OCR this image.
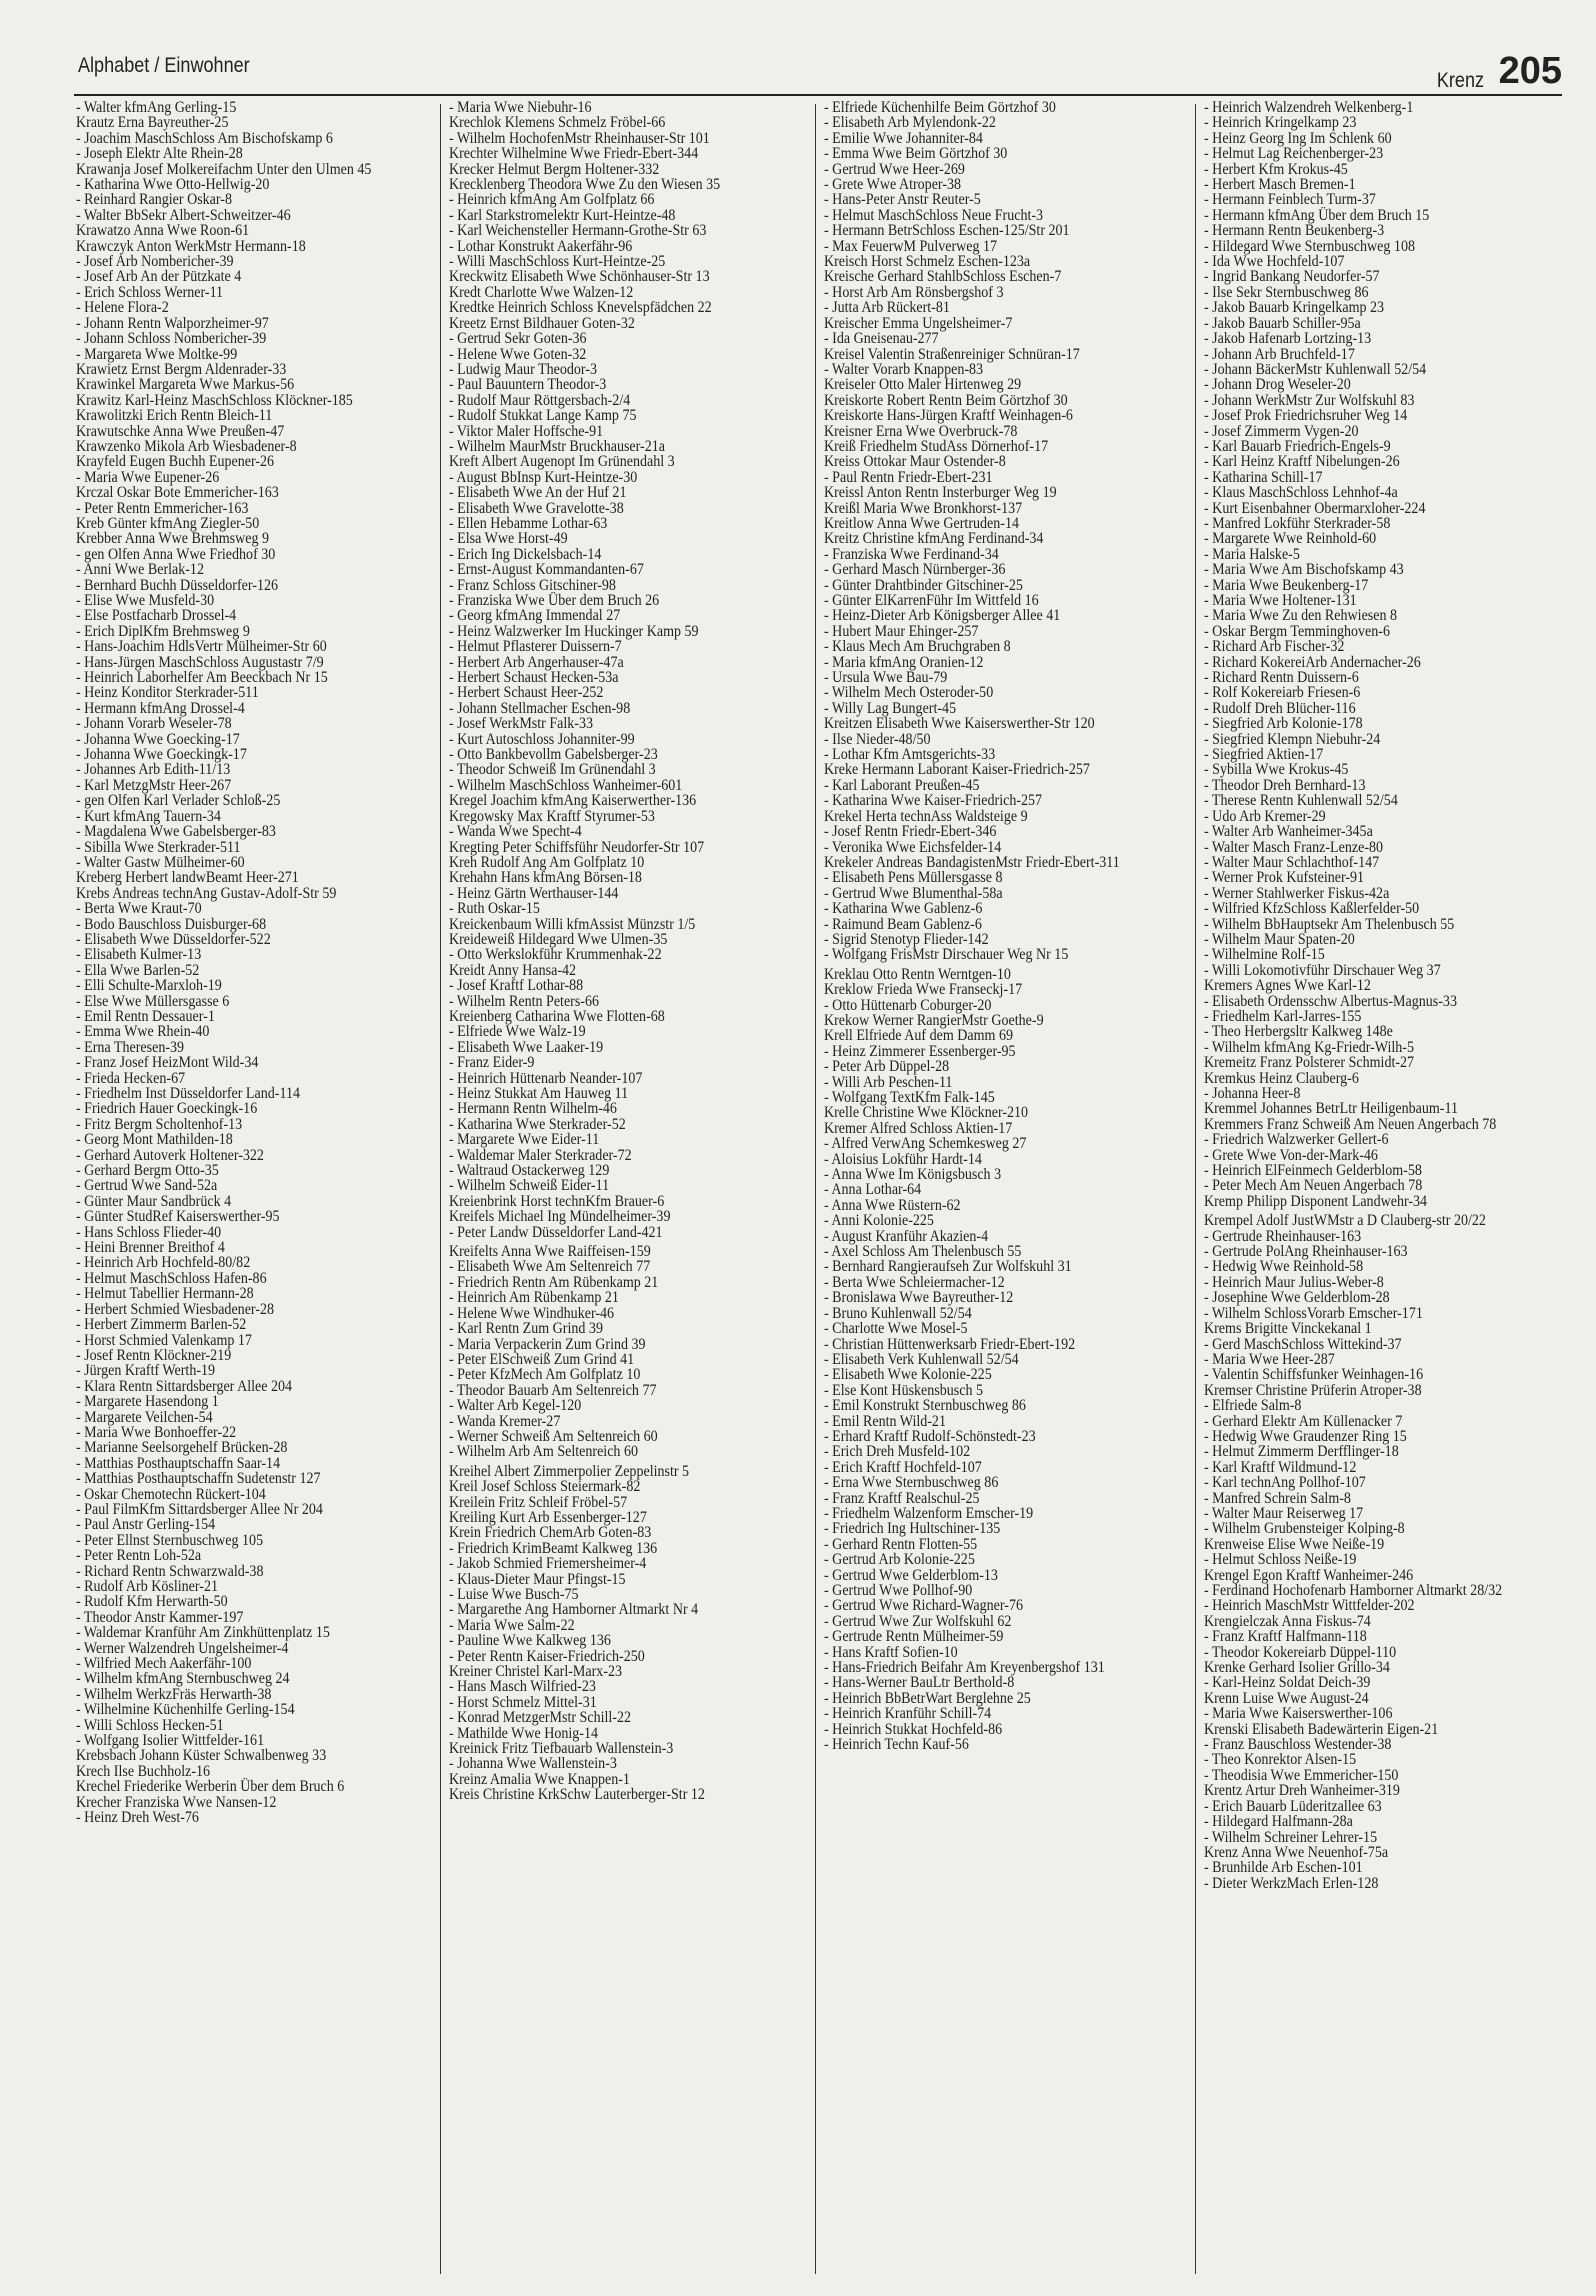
Alphabet / Einwohner
Krenz 205
- Walter kfmAng Gerling-15
Krautz Erna Bayreuther-25
- Joachim MaschSchloss Am Bischofskamp 6
- Joseph Elektr Alte Rhein-28
Krawanja Josef Molkereifachm Unter den Ulmen 45
- Katharina Wwe Otto-Hellwig-20
- Reinhard Rangier Oskar-8
- Walter BbSekr Albert-Schweitzer-46
Krawatzo Anna Wwe Roon-61
Krawczyk Anton WerkMstr Hermann-18
- Josef Arb Nombericher-39
- Josef Arb An der Pützkate 4
- Erich Schloss Werner-11
- Helene Flora-2
- Johann Rentn Walporzheimer-97
- Johann Schloss Nombericher-39
- Margareta Wwe Moltke-99
Krawietz Ernst Bergm Aldenrader-33
Krawinkel Margareta Wwe Markus-56
Krawitz Karl-Heinz MaschSchloss Klöckner-185
Krawolitzki Erich Rentn Bleich-11
Krawutschke Anna Wwe Preußen-47
Krawzenko Mikola Arb Wiesbadener-8
Krayfeld Eugen Buchh Eupener-26
- Maria Wwe Eupener-26
Krczal Oskar Bote Emmericher-163
- Peter Rentn Emmericher-163
Kreb Günter kfmAng Ziegler-50
Krebber Anna Wwe Brehmsweg 9
- gen Olfen Anna Wwe Friedhof 30
- Anni Wwe Berlak-12
- Bernhard Buchh Düsseldorfer-126
- Elise Wwe Musfeld-30
- Else Postfacharb Drossel-4
- Erich DiplKfm Brehmsweg 9
- Hans-Joachim HdlsVertr Mülheimer-Str 60
- Hans-Jürgen MaschSchloss Augustastr 7/9
- Heinrich Laborhelfer Am Beeckbach Nr 15
- Heinz Konditor Sterkrader-511
- Hermann kfmAng Drossel-4
- Johann Vorarb Weseler-78
- Johanna Wwe Goecking-17
- Johanna Wwe Goeckingk-17
- Johannes Arb Edith-11/13
- Karl MetzgMstr Heer-267
- gen Olfen Karl Verlader Schloß-25
- Kurt kfmAng Tauern-34
- Magdalena Wwe Gabelsberger-83
- Sibilla Wwe Sterkrader-511
- Walter Gastw Mülheimer-60
Kreberg Herbert landwBeamt Heer-271
Krebs Andreas technAng Gustav-Adolf-Str 59
- Berta Wwe Kraut-70
- Bodo Bauschloss Duisburger-68
- Elisabeth Wwe Düsseldorfer-522
- Elisabeth Kulmer-13
- Ella Wwe Barlen-52
- Elli Schulte-Marxloh-19
- Else Wwe Müllersgasse 6
- Emil Rentn Dessauer-1
- Emma Wwe Rhein-40
- Erna Theresen-39
- Franz Josef HeizMont Wild-34
- Frieda Hecken-67
- Friedhelm Inst Düsseldorfer Land-114
- Friedrich Hauer Goeckingk-16
- Fritz Bergm Scholtenhof-13
- Georg Mont Mathilden-18
- Gerhard Autoverk Holtener-322
- Gerhard Bergm Otto-35
- Gertrud Wwe Sand-52a
- Günter Maur Sandbrück 4
- Günter StudRef Kaiserswerther-95
- Hans Schloss Flieder-40
- Heini Brenner Breithof 4
- Heinrich Arb Hochfeld-80/82
- Helmut MaschSchloss Hafen-86
- Helmut Tabellier Hermann-28
- Herbert Schmied Wiesbadener-28
- Herbert Zimmerm Barlen-52
- Horst Schmied Valenkamp 17
- Josef Rentn Klöckner-219
- Jürgen Kraftf Werth-19
- Klara Rentn Sittardsberger Allee 204
- Margarete Hasendong 1
- Margarete Veilchen-54
- Maria Wwe Bonhoeffer-22
- Marianne Seelsorgehelf Brücken-28
- Matthias Posthauptschaffn Saar-14
- Matthias Posthauptschaffn Sudetenstr 127
- Oskar Chemotechn Rückert-104
- Paul FilmKfm Sittardsberger Allee Nr 204
- Paul Anstr Gerling-154
- Peter Ellnst Sternbuschweg 105
- Peter Rentn Loh-52a
- Richard Rentn Schwarzwald-38
- Rudolf Arb Kösliner-21
- Rudolf Kfm Herwarth-50
- Theodor Anstr Kammer-197
- Waldemar Kranführ Am Zinkhüttenplatz 15
- Werner Walzendreh Ungelsheimer-4
- Wilfried Mech Aakerfähr-100
- Wilhelm kfmAng Sternbuschweg 24
- Wilhelm WerkzFräs Herwarth-38
- Wilhelmine Küchenhilfe Gerling-154
- Willi Schloss Hecken-51
- Wolfgang Isolier Wittfelder-161
Krebsbach Johann Küster Schwalbenweg 33
Krech Ilse Buchholz-16
Krechel Friederike Werberin Über dem Bruch 6
Krecher Franziska Wwe Nansen-12
- Heinz Dreh West-76
- Maria Wwe Niebuhr-16
Krechlok Klemens Schmelz Fröbel-66
- Wilhelm HochofenMstr Rheinhauser-Str 101
Krechter Wilhelmine Wwe Friedr-Ebert-344
Krecker Helmut Bergm Holtener-332
Krecklenberg Theodora Wwe Zu den Wiesen 35
- Heinrich kfmAng Am Golfplatz 66
- Karl Starkstromelektr Kurt-Heintze-48
- Karl Weichensteller Hermann-Grothe-Str 63
- Lothar Konstrukt Aakerfähr-96
- Willi MaschSchloss Kurt-Heintze-25
Kreckwitz Elisabeth Wwe Schönhauser-Str 13
Kredt Charlotte Wwe Walzen-12
Kredtke Heinrich Schloss Knevelspfädchen 22
Kreetz Ernst Bildhauer Goten-32
- Gertrud Sekr Goten-36
- Helene Wwe Goten-32
- Ludwig Maur Theodor-3
- Paul Bauuntern Theodor-3
- Rudolf Maur Röttgersbach-2/4
- Rudolf Stukkat Lange Kamp 75
- Viktor Maler Hoffsche-91
- Wilhelm MaurMstr Bruckhauser-21a
Kreft Albert Augenopt Im Grünendahl 3
- August BbInsp Kurt-Heintze-30
- Elisabeth Wwe An der Huf 21
- Elisabeth Wwe Gravelotte-38
- Ellen Hebamme Lothar-63
- Elsa Wwe Horst-49
- Erich Ing Dickelsbach-14
- Ernst-August Kommandanten-67
- Franz Schloss Gitschiner-98
- Franziska Wwe Über dem Bruch 26
- Georg kfmAng Immendal 27
- Heinz Walzwerker Im Huckinger Kamp 59
- Helmut Pflasterer Duissern-7
- Herbert Arb Angerhauser-47a
- Herbert Schaust Hecken-53a
- Herbert Schaust Heer-252
- Johann Stellmacher Eschen-98
- Josef WerkMstr Falk-33
- Kurt Autoschloss Johanniter-99
- Otto Bankbevollm Gabelsberger-23
- Theodor Schweiß Im Grünendahl 3
- Wilhelm MaschSchloss Wanheimer-601
Kregel Joachim kfmAng Kaiserwerther-136
Kregowsky Max Kraftf Styrumer-53
- Wanda Wwe Specht-4
Kregting Peter Schiffsführ Neudorfer-Str 107
Kreh Rudolf Ang Am Golfplatz 10
Krehahn Hans kfmAng Börsen-18
- Heinz Gärtn Werthauser-144
- Ruth Oskar-15
Kreickenbaum Willi kfmAssist Münzstr 1/5
Kreideweiß Hildegard Wwe Ulmen-35
- Otto Werkslokführ Krummenhak-22
Kreidt Anny Hansa-42
- Josef Kraftf Lothar-88
- Wilhelm Rentn Peters-66
Kreienberg Catharina Wwe Flotten-68
- Elfriede Wwe Walz-19
- Elisabeth Wwe Laaker-19
- Franz Eider-9
- Heinrich Hüttenarb Neander-107
- Heinz Stukkat Am Hauweg 11
- Hermann Rentn Wilhelm-46
- Katharina Wwe Sterkrader-52
- Margarete Wwe Eider-11
- Waldemar Maler Sterkrader-72
- Waltraud Ostackerweg 129
- Wilhelm Schweiß Eider-11
Kreienbrink Horst technKfm Brauer-6
Kreifels Michael Ing Mündelheimer-39
- Peter Landw Düsseldorfer Land-421
Kreifelts Anna Wwe Raiffeisen-159
- Elisabeth Wwe Am Seltenreich 77
- Friedrich Rentn Am Rübenkamp 21
- Heinrich Am Rübenkamp 21
- Helene Wwe Windhuker-46
- Karl Rentn Zum Grind 39
- Maria Verpackerin Zum Grind 39
- Peter ElSchweiß Zum Grind 41
- Peter KfzMech Am Golfplatz 10
- Theodor Bauarb Am Seltenreich 77
- Walter Arb Kegel-120
- Wanda Kremer-27
- Werner Schweiß Am Seltenreich 60
- Wilhelm Arb Am Seltenreich 60
Kreihel Albert Zimmerpolier Zeppelinstr 5
Kreil Josef Schloss Steiermark-82
Kreilein Fritz Schleif Fröbel-57
Kreiling Kurt Arb Essenberger-127
Krein Friedrich ChemArb Goten-83
- Friedrich KrimBeamt Kalkweg 136
- Jakob Schmied Friemersheimer-4
- Klaus-Dieter Maur Pfingst-15
- Luise Wwe Busch-75
- Margarethe Ang Hamborner Altmarkt Nr 4
- Maria Wwe Salm-22
- Pauline Wwe Kalkweg 136
- Peter Rentn Kaiser-Friedrich-250
Kreiner Christel Karl-Marx-23
- Hans Masch Wilfried-23
- Horst Schmelz Mittel-31
- Konrad MetzgerMstr Schill-22
- Mathilde Wwe Honig-14
Kreinick Fritz Tiefbauarb Wallenstein-3
- Johanna Wwe Wallenstein-3
Kreinz Amalia Wwe Knappen-1
Kreis Christine KrkSchw Lauterberger-Str 12
- Elfriede Küchenhilfe Beim Görtzhof 30
- Elisabeth Arb Mylendonk-22
- Emilie Wwe Johanniter-84
- Emma Wwe Beim Görtzhof 30
- Gertrud Wwe Heer-269
- Grete Wwe Atroper-38
- Hans-Peter Anstr Reuter-5
- Helmut MaschSchloss Neue Frucht-3
- Hermann BetrSchloss Eschen-125/Str 201
- Max FeuerwM Pulverweg 17
Kreisch Horst Schmelz Eschen-123a
Kreische Gerhard StahlbSchloss Eschen-7
- Horst Arb Am Rönsbergshof 3
- Jutta Arb Rückert-81
Kreischer Emma Ungelsheimer-7
- Ida Gneisenau-277
Kreisel Valentin Straßenreiniger Schnüran-17
- Walter Vorarb Knappen-83
Kreiseler Otto Maler Hirtenweg 29
Kreiskorte Robert Rentn Beim Görtzhof 30
Kreiskorte Hans-Jürgen Kraftf Weinhagen-6
Kreisner Erna Wwe Overbruck-78
Kreiß Friedhelm StudAss Dörnerhof-17
Kreiss Ottokar Maur Ostender-8
- Paul Rentn Friedr-Ebert-231
Kreissl Anton Rentn Insterburger Weg 19
Kreißl Maria Wwe Bronkhorst-137
Kreitlow Anna Wwe Gertruden-14
Kreitz Christine kfmAng Ferdinand-34
- Franziska Wwe Ferdinand-34
- Gerhard Masch Nürnberger-36
- Günter Drahtbinder Gitschiner-25
- Günter ElKarrenFühr Im Wittfeld 16
- Heinz-Dieter Arb Königsberger Allee 41
- Hubert Maur Ehinger-257
- Klaus Mech Am Bruchgraben 8
- Maria kfmAng Oranien-12
- Ursula Wwe Bau-79
- Wilhelm Mech Osteroder-50
- Willy Lag Bungert-45
Kreitzen Elisabeth Wwe Kaiserswerther-Str 120
- Ilse Nieder-48/50
- Lothar Kfm Amtsgerichts-33
Kreke Hermann Laborant Kaiser-Friedrich-257
- Karl Laborant Preußen-45
- Katharina Wwe Kaiser-Friedrich-257
Krekel Herta technAss Waldsteige 9
- Josef Rentn Friedr-Ebert-346
- Veronika Wwe Eichsfelder-14
Krekeler Andreas BandagistenMstr Friedr-Ebert-311
- Elisabeth Pens Müllersgasse 8
- Gertrud Wwe Blumenthal-58a
- Katharina Wwe Gablenz-6
- Raimund Beam Gablenz-6
- Sigrid Stenotyp Flieder-142
- Wolfgang FrisMstr Dirschauer Weg Nr 15
Kreklau Otto Rentn Werntgen-10
Kreklow Frieda Wwe Franseckj-17
- Otto Hüttenarb Coburger-20
Krekow Werner RangierMstr Goethe-9
Krell Elfriede Auf dem Damm 69
- Heinz Zimmerer Essenberger-95
- Peter Arb Düppel-28
- Willi Arb Peschen-11
- Wolfgang TextKfm Falk-145
Krelle Christine Wwe Klöckner-210
Kremer Alfred Schloss Aktien-17
- Alfred VerwAng Schemkesweg 27
- Aloisius Lokführ Hardt-14
- Anna Wwe Im Königsbusch 3
- Anna Lothar-64
- Anna Wwe Rüstern-62
- Anni Kolonie-225
- August Kranführ Akazien-4
- Axel Schloss Am Thelenbusch 55
- Bernhard Rangieraufseh Zur Wolfskuhl 31
- Berta Wwe Schleiermacher-12
- Bronislawa Wwe Bayreuther-12
- Bruno Kuhlenwall 52/54
- Charlotte Wwe Mosel-5
- Christian Hüttenwerksarb Friedr-Ebert-192
- Elisabeth Verk Kuhlenwall 52/54
- Elisabeth Wwe Kolonie-225
- Else Kont Hüskensbusch 5
- Emil Konstrukt Sternbuschweg 86
- Emil Rentn Wild-21
- Erhard Kraftf Rudolf-Schönstedt-23
- Erich Dreh Musfeld-102
- Erich Kraftf Hochfeld-107
- Erna Wwe Sternbuschweg 86
- Franz Kraftf Realschul-25
- Friedhelm Walzenform Emscher-19
- Friedrich Ing Hultschiner-135
- Gerhard Rentn Flotten-55
- Gertrud Arb Kolonie-225
- Gertrud Wwe Gelderblom-13
- Gertrud Wwe Pollhof-90
- Gertrud Wwe Richard-Wagner-76
- Gertrud Wwe Zur Wolfskuhl 62
- Gertrude Rentn Mülheimer-59
- Hans Kraftf Sofien-10
- Hans-Friedrich Beifahr Am Kreyenbergshof 131
- Hans-Werner BauLtr Berthold-8
- Heinrich BbBetrWart Berglehne 25
- Heinrich Kranführ Schill-74
- Heinrich Stukkat Hochfeld-86
- Heinrich Techn Kauf-56
- Heinrich Walzendreh Welkenberg-1
- Heinrich Kringelkamp 23
- Heinz Georg Ing Im Schlenk 60
- Helmut Lag Reichenberger-23
- Herbert Kfm Krokus-45
- Herbert Masch Bremen-1
- Hermann Feinblech Turm-37
- Hermann kfmAng Über dem Bruch 15
- Hermann Rentn Beukenberg-3
- Hildegard Wwe Sternbuschweg 108
- Ida Wwe Hochfeld-107
- Ingrid Bankang Neudorfer-57
- Ilse Sekr Sternbuschweg 86
- Jakob Bauarb Kringelkamp 23
- Jakob Bauarb Schiller-95a
- Jakob Hafenarb Lortzing-13
- Johann Arb Bruchfeld-17
- Johann BäckerMstr Kuhlenwall 52/54
- Johann Drog Weseler-20
- Johann WerkMstr Zur Wolfskuhl 83
- Josef Prok Friedrichsruher Weg 14
- Josef Zimmerm Vygen-20
- Karl Bauarb Friedrich-Engels-9
- Karl Heinz Kraftf Nibelungen-26
- Katharina Schill-17
- Klaus MaschSchloss Lehnhof-4a
- Kurt Eisenbahner Obermarxloher-224
- Manfred Lokführ Sterkrader-58
- Margarete Wwe Reinhold-60
- Maria Halske-5
- Maria Wwe Am Bischofskamp 43
- Maria Wwe Beukenberg-17
- Maria Wwe Holtener-131
- Maria Wwe Zu den Rehwiesen 8
- Oskar Bergm Temminghoven-6
- Richard Arb Fischer-32
- Richard KokereiArb Andernacher-26
- Richard Rentn Duissern-6
- Rolf Kokereiarb Friesen-6
- Rudolf Dreh Blücher-116
- Siegfried Arb Kolonie-178
- Siegfried Klempn Niebuhr-24
- Siegfried Aktien-17
- Sybilla Wwe Krokus-45
- Theodor Dreh Bernhard-13
- Therese Rentn Kuhlenwall 52/54
- Udo Arb Kremer-29
- Walter Arb Wanheimer-345a
- Walter Masch Franz-Lenze-80
- Walter Maur Schlachthof-147
- Werner Prok Kufsteiner-91
- Werner Stahlwerker Fiskus-42a
- Wilfried KfzSchloss Kaßlerfelder-50
- Wilhelm BbHauptsekr Am Thelenbusch 55
- Wilhelm Maur Spaten-20
- Wilhelmine Rolf-15
- Willi Lokomotivführ Dirschauer Weg 37
Kremers Agnes Wwe Karl-12
- Elisabeth Ordensschw Albertus-Magnus-33
- Friedhelm Karl-Jarres-155
- Theo Herbergsltr Kalkweg 148e
- Wilhelm kfmAng Kg-Friedr-Wilh-5
Kremeitz Franz Polsterer Schmidt-27
Kremkus Heinz Clauberg-6
- Johanna Heer-8
Kremmel Johannes BetrLtr Heiligenbaum-11
Kremmers Franz Schweiß Am Neuen Angerbach 78
- Friedrich Walzwerker Gellert-6
- Grete Wwe Von-der-Mark-46
- Heinrich ElFeinmech Gelderblom-58
- Peter Mech Am Neuen Angerbach 78
Kremp Philipp Disponent Landwehr-34
Krempel Adolf JustWMstr a D Clauberg-str 20/22
- Gertrude Rheinhauser-163
- Gertrude PolAng Rheinhauser-163
- Hedwig Wwe Reinhold-58
- Heinrich Maur Julius-Weber-8
- Josephine Wwe Gelderblom-28
- Wilhelm SchlossVorarb Emscher-171
Krems Brigitte Vinckekanal 1
- Gerd MaschSchloss Wittekind-37
- Maria Wwe Heer-287
- Valentin Schiffsfunker Weinhagen-16
Kremser Christine Prüferin Atroper-38
- Elfriede Salm-8
- Gerhard Elektr Am Küllenacker 7
- Hedwig Wwe Graudenzer Ring 15
- Helmut Zimmerm Derfflinger-18
- Karl Kraftf Wildmund-12
- Karl technAng Pollhof-107
- Manfred Schrein Salm-8
- Walter Maur Reiserweg 17
- Wilhelm Grubensteiger Kolping-8
Krenweise Elise Wwe Neiße-19
- Helmut Schloss Neiße-19
Krengel Egon Kraftf Wanheimer-246
- Ferdinand Hochofenarb Hamborner Altmarkt 28/32
- Heinrich MaschMstr Wittfelder-202
Krengielczak Anna Fiskus-74
- Franz Kraftf Halfmann-118
- Theodor Kokereiarb Düppel-110
Krenke Gerhard Isolier Grillo-34
- Karl-Heinz Soldat Deich-39
Krenn Luise Wwe August-24
- Maria Wwe Kaiserswerther-106
Krenski Elisabeth Badewärterin Eigen-21
- Franz Bauschloss Westender-38
- Theo Konrektor Alsen-15
- Theodisia Wwe Emmericher-150
Krentz Artur Dreh Wanheimer-319
- Erich Bauarb Lüderitzallee 63
- Hildegard Halfmann-28a
- Wilhelm Schreiner Lehrer-15
Krenz Anna Wwe Neuenhof-75a
- Brunhilde Arb Eschen-101
- Dieter WerkzMach Erlen-128
